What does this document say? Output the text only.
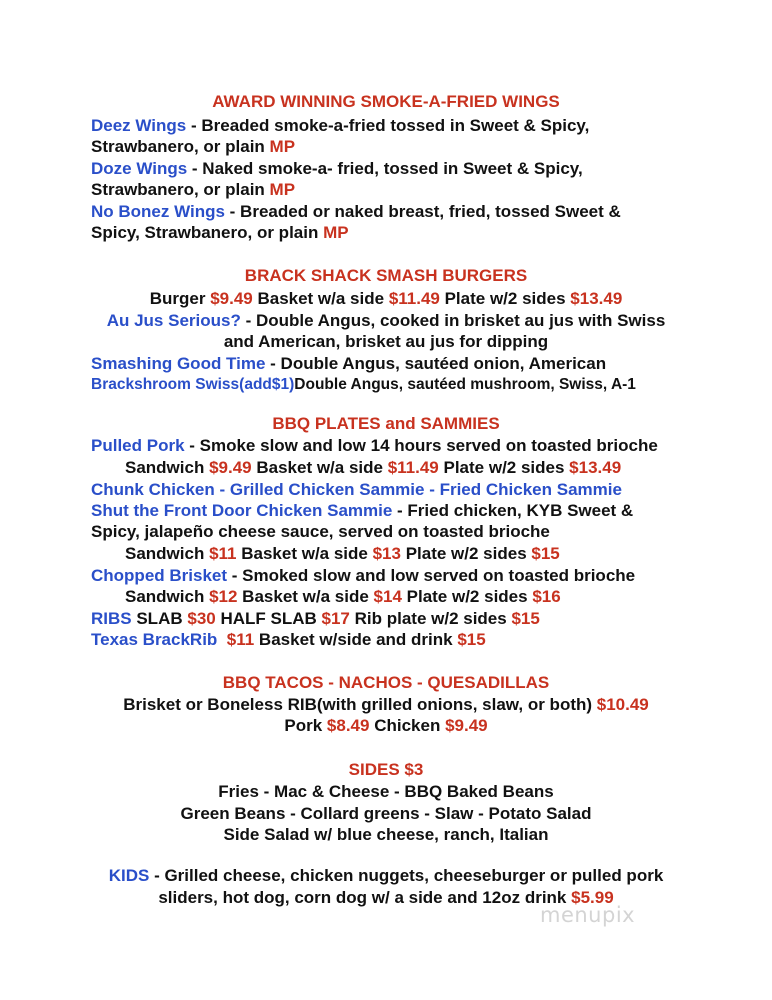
AWARD WINNING SMOKE-A-FRIED WINGS
Deez Wings - Breaded smoke-a-fried tossed in Sweet & Spicy,
Strawbanero, or plain MP
Doze Wings - Naked smoke-a- fried, tossed in Sweet & Spicy,
Strawbanero, or plain MP
No Bonez Wings - Breaded or naked breast, fried, tossed Sweet &
Spicy, Strawbanero, or plain MP
BRACK SHACK SMASH BURGERS
Burger $9.49 Basket w/a side $11.49 Plate w/2 sides $13.49
Au Jus Serious? - Double Angus, cooked in brisket au jus with Swiss
and American, brisket au jus for dipping
Smashing Good Time - Double Angus, sautéed onion, American
Brackshroom Swiss(add$1)Double Angus, sautéed mushroom, Swiss, A-1
BBQ PLATES and SAMMIES
Pulled Pork - Smoke slow and low 14 hours served on toasted brioche
Sandwich $9.49 Basket w/a side $11.49 Plate w/2 sides $13.49
Chunk Chicken - Grilled Chicken Sammie - Fried Chicken Sammie
Shut the Front Door Chicken Sammie - Fried chicken, KYB Sweet &
Spicy, jalapeño cheese sauce, served on toasted brioche
Sandwich $11 Basket w/a side $13 Plate w/2 sides $15
Chopped Brisket - Smoked slow and low served on toasted brioche
Sandwich $12 Basket w/a side $14 Plate w/2 sides $16
RIBS SLAB $30 HALF SLAB $17 Rib plate w/2 sides $15
Texas BrackRib $11 Basket w/side and drink $15
BBQ TACOS - NACHOS - QUESADILLAS
Brisket or Boneless RIB(with grilled onions, slaw, or both) $10.49
Pork $8.49 Chicken $9.49
SIDES $3
Fries - Mac & Cheese - BBQ Baked Beans
Green Beans - Collard greens - Slaw - Potato Salad
Side Salad w/ blue cheese, ranch, Italian
KIDS - Grilled cheese, chicken nuggets, cheeseburger or pulled pork
sliders, hot dog, corn dog w/ a side and 12oz drink $5.99
menupix
